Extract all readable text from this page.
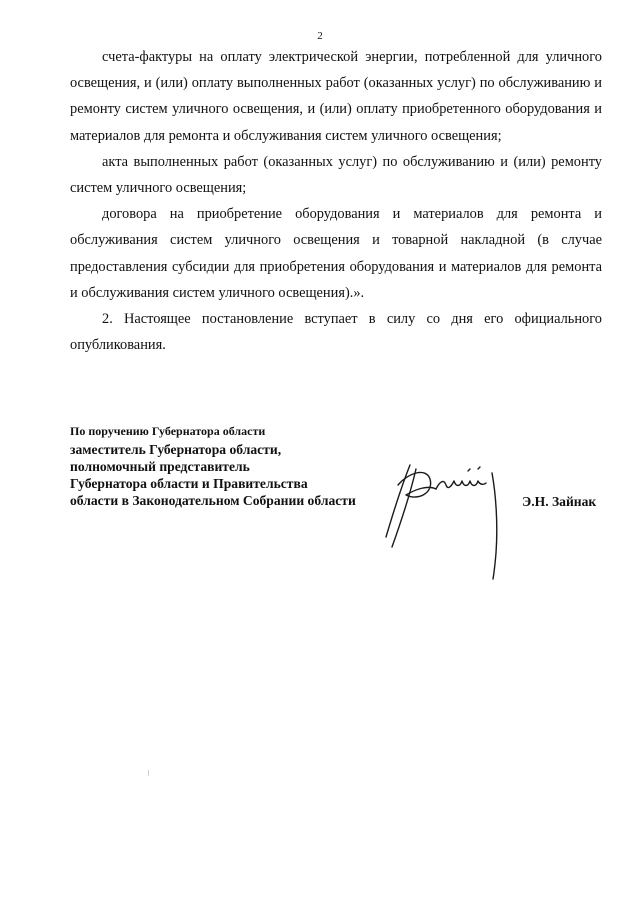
2

счета-фактуры на оплату электрической энергии, потребленной для уличного освещения, и (или) оплату выполненных работ (оказанных услуг) по обслуживанию и ремонту систем уличного освещения, и (или) оплату приобретенного оборудования и материалов для ремонта и обслуживания систем уличного освещения;

акта выполненных работ (оказанных услуг) по обслуживанию и (или) ремонту систем уличного освещения;

договора на приобретение оборудования и материалов для ремонта и обслуживания систем уличного освещения и товарной накладной (в случае предоставления субсидии для приобретения оборудования и материалов для ремонта и обслуживания систем уличного освещения).».

2. Настоящее постановление вступает в силу со дня его официального опубликования.

По поручению Губернатора области

заместитель Губернатора области,

полномочный представитель

Губернатора области и Правительства

области в Законодательном Собрании области	Э.Н. Зайнак
